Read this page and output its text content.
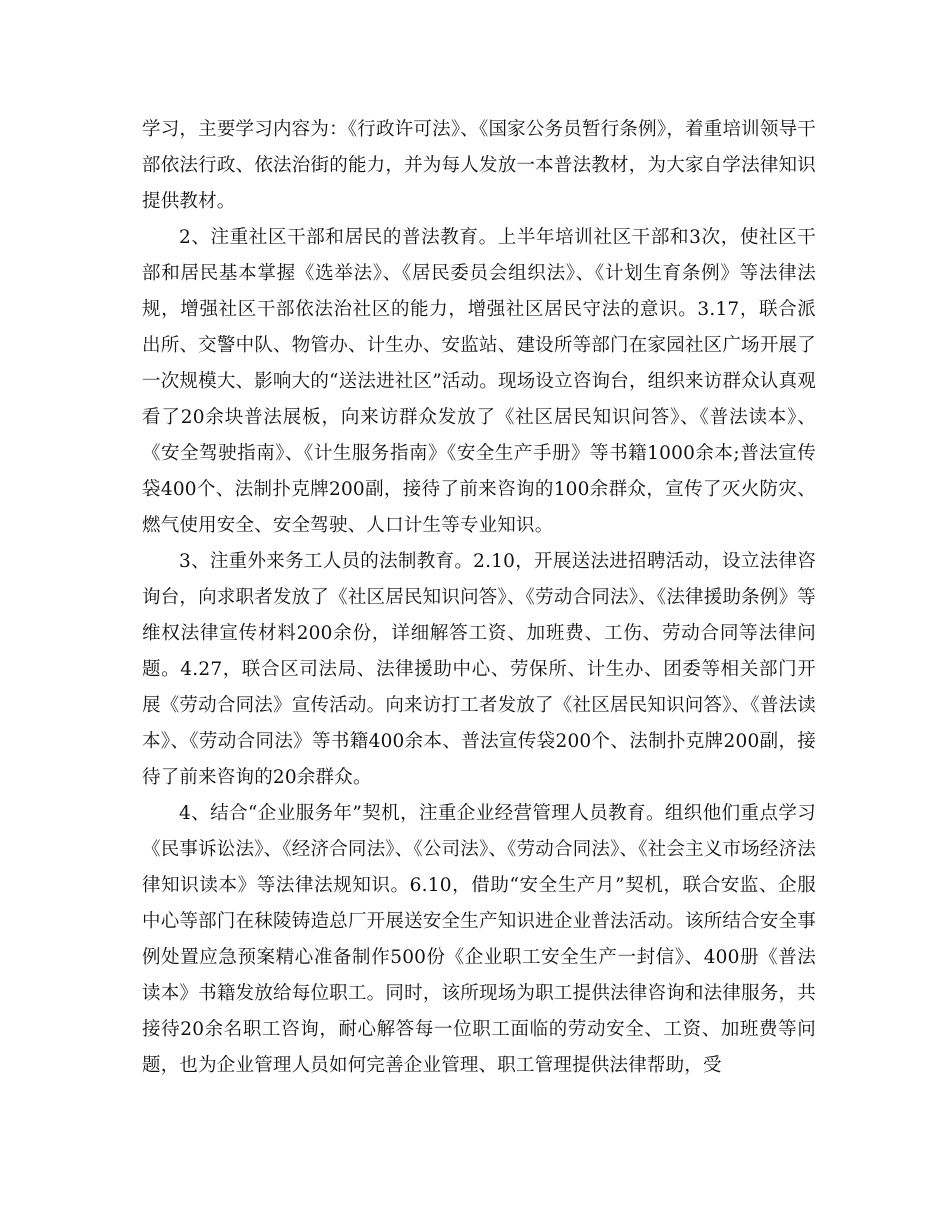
学习，主要学习内容为：《行政许可法》、《国家公务员暂行条例》，着重培训领导干部依法行政、依法治街的能力，并为每人发放一本普法教材，为大家自学法律知识提供教材。

2、注重社区干部和居民的普法教育。上半年培训社区干部和3次，使社区干部和居民基本掌握《选举法》、《居民委员会组织法》、《计划生育条例》等法律法规，增强社区干部依法治社区的能力，增强社区居民守法的意识。3.17，联合派出所、交警中队、物管办、计生办、安监站、建设所等部门在家园社区广场开展了一次规模大、影响大的“送法进社区”活动。现场设立咨询台，组织来访群众认真观看了20余块普法展板，向来访群众发放了《社区居民知识问答》、《普法读本》、《安全驾驶指南》、《计生服务指南》《安全生产手册》等书籍1000余本;普法宣传袋400个、法制扑克牌200副，接待了前来咨询的100余群众，宣传了灭火防灾、燃气使用安全、安全驾驶、人口计生等专业知识。

3、注重外来务工人员的法制教育。2.10，开展送法进招聘活动，设立法律咨询台，向求职者发放了《社区居民知识问答》、《劳动合同法》、《法律援助条例》等维权法律宣传材料200余份，详细解答工资、加班费、工伤、劳动合同等法律问题。4.27，联合区司法局、法律援助中心、劳保所、计生办、团委等相关部门开展《劳动合同法》宣传活动。向来访打工者发放了《社区居民知识问答》、《普法读本》、《劳动合同法》等书籍400余本、普法宣传袋200个、法制扑克牌200副，接待了前来咨询的20余群众。

4、结合“企业服务年”契机，注重企业经营管理人员教育。组织他们重点学习《民事诉讼法》、《经济合同法》、《公司法》、《劳动合同法》、《社会主义市场经济法律知识读本》等法律法规知识。6.10，借助“安全生产月”契机，联合安监、企服中心等部门在秣陵铸造总厂开展送安全生产知识进企业普法活动。该所结合安全事例处置应急预案精心准备制作500份《企业职工安全生产一封信》、400册《普法读本》书籍发放给每位职工。同时，该所现场为职工提供法律咨询和法律服务，共接待20余名职工咨询，耐心解答每一位职工面临的劳动安全、工资、加班费等问题，也为企业管理人员如何完善企业管理、职工管理提供法律帮助，受
